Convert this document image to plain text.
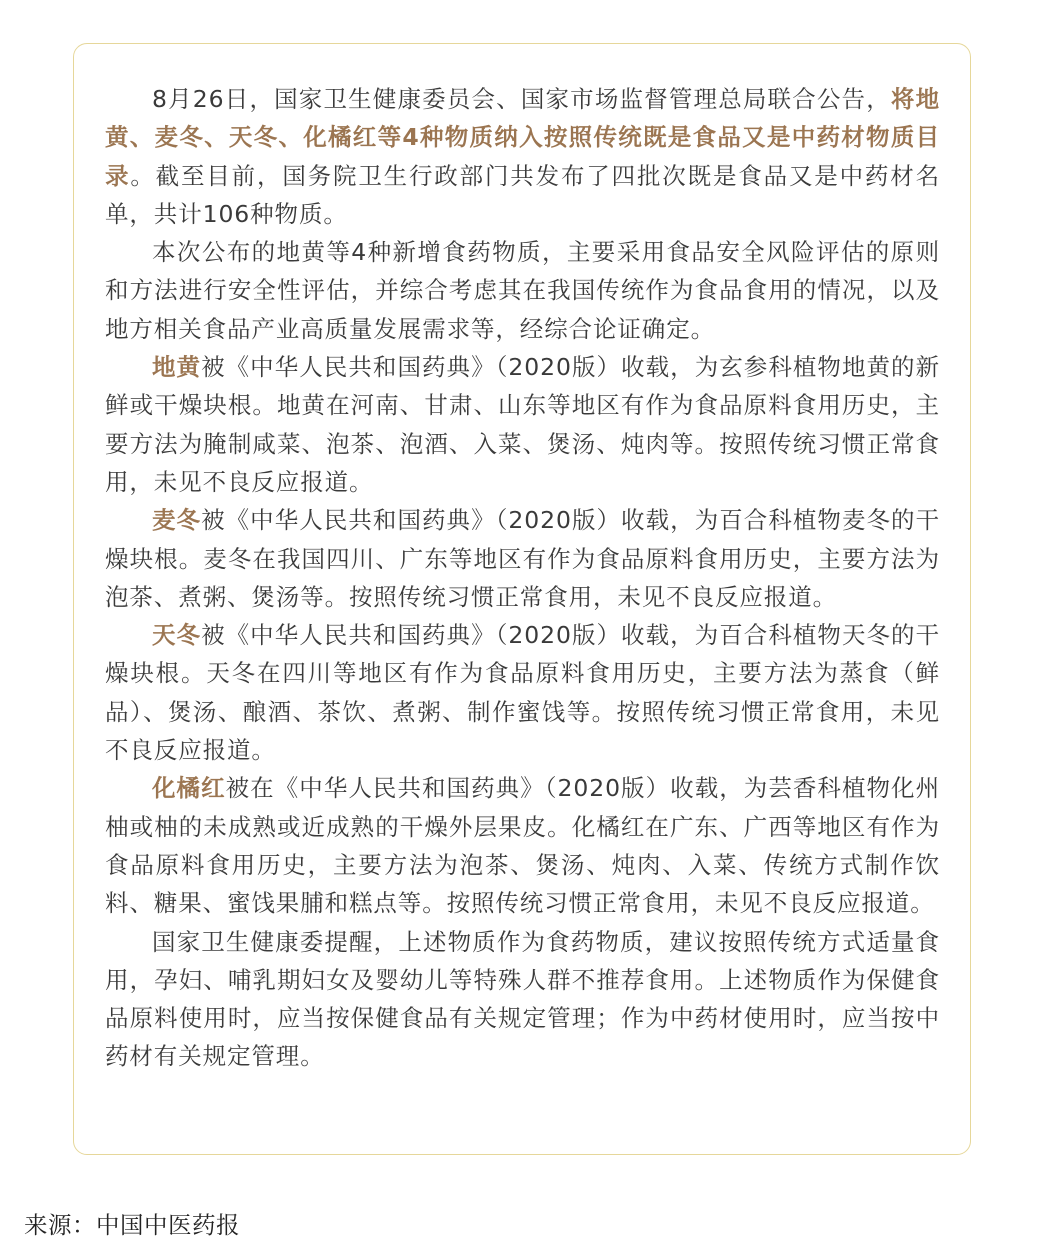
8月26日，国家卫生健康委员会、国家市场监督管理总局联合公告，将地黄、麦冬、天冬、化橘红等4种物质纳入按照传统既是食品又是中药材物质目录。截至目前，国务院卫生行政部门共发布了四批次既是食品又是中药材名单，共计106种物质。

本次公布的地黄等4种新增食药物质，主要采用食品安全风险评估的原则和方法进行安全性评估，并综合考虑其在我国传统作为食品食用的情况，以及地方相关食品产业高质量发展需求等，经综合论证确定。

地黄被《中华人民共和国药典》（2020版）收载，为玄参科植物地黄的新鲜或干燥块根。地黄在河南、甘肃、山东等地区有作为食品原料食用历史，主要方法为腌制咸菜、泡茶、泡酒、入菜、煲汤、炖肉等。按照传统习惯正常食用，未见不良反应报道。

麦冬被《中华人民共和国药典》（2020版）收载，为百合科植物麦冬的干燥块根。麦冬在我国四川、广东等地区有作为食品原料食用历史，主要方法为泡茶、煮粥、煲汤等。按照传统习惯正常食用，未见不良反应报道。

天冬被《中华人民共和国药典》（2020版）收载，为百合科植物天冬的干燥块根。天冬在四川等地区有作为食品原料食用历史，主要方法为蒸食（鲜品）、煲汤、酿酒、茶饮、煮粥、制作蜜饯等。按照传统习惯正常食用，未见不良反应报道。

化橘红被在《中华人民共和国药典》（2020版）收载，为芸香科植物化州柚或柚的未成熟或近成熟的干燥外层果皮。化橘红在广东、广西等地区有作为食品原料食用历史，主要方法为泡茶、煲汤、炖肉、入菜、传统方式制作饮料、糖果、蜜饯果脯和糕点等。按照传统习惯正常食用，未见不良反应报道。

国家卫生健康委提醒，上述物质作为食药物质，建议按照传统方式适量食用，孕妇、哺乳期妇女及婴幼儿等特殊人群不推荐食用。上述物质作为保健食品原料使用时，应当按保健食品有关规定管理；作为中药材使用时，应当按中药材有关规定管理。

来源：中国中医药报
